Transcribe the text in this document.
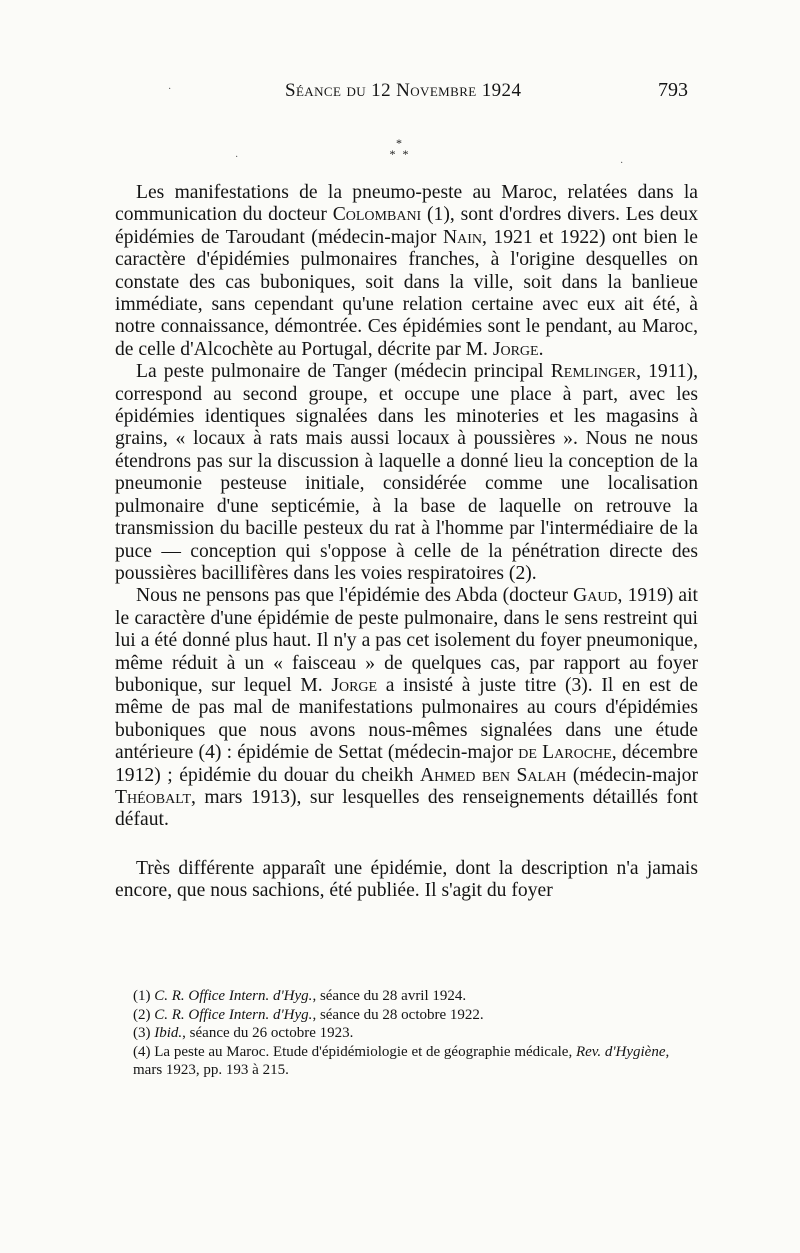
Séance du 12 Novembre 1924	793
·
·
·
*
* *

Les manifestations de la pneumo-peste au Maroc, relatées dans la communication du docteur Colombani (1), sont d'ordres divers. Les deux épidémies de Taroudant (médecin-major Nain, 1921 et 1922) ont bien le caractère d'épidémies pulmonaires franches, à l'origine desquelles on constate des cas buboniques, soit dans la ville, soit dans la banlieue immédiate, sans cependant qu'une relation certaine avec eux ait été, à notre connaissance, démontrée. Ces épidémies sont le pendant, au Maroc, de celle d'Alcochète au Portugal, décrite par M. Jorge.

La peste pulmonaire de Tanger (médecin principal Remlinger, 1911), correspond au second groupe, et occupe une place à part, avec les épidémies identiques signalées dans les minoteries et les magasins à grains, « locaux à rats mais aussi locaux à poussières ». Nous ne nous étendrons pas sur la discussion à laquelle a donné lieu la conception de la pneumonie pesteuse initiale, considérée comme une localisation pulmonaire d'une septicémie, à la base de laquelle on retrouve la transmission du bacille pesteux du rat à l'homme par l'intermédiaire de la puce — conception qui s'oppose à celle de la pénétration directe des poussières bacillifères dans les voies respiratoires (2).

Nous ne pensons pas que l'épidémie des Abda (docteur Gaud, 1919) ait le caractère d'une épidémie de peste pulmonaire, dans le sens restreint qui lui a été donné plus haut. Il n'y a pas cet isolement du foyer pneumonique, même réduit à un « faisceau » de quelques cas, par rapport au foyer bubonique, sur lequel M. Jorge a insisté à juste titre (3). Il en est de même de pas mal de manifestations pulmonaires au cours d'épidémies buboniques que nous avons nous-mêmes signalées dans une étude antérieure (4) : épidémie de Settat (médecin-major de Laroche, décembre 1912) ; épidémie du douar du cheikh Ahmed ben Salah (médecin-major Théobalt, mars 1913), sur lesquelles des renseignements détaillés font défaut.

Très différente apparaît une épidémie, dont la description n'a jamais encore, que nous sachions, été publiée. Il s'agit du foyer

(1) C. R. Office Intern. d'Hyg., séance du 28 avril 1924.

(2) C. R. Office Intern. d'Hyg., séance du 28 octobre 1922.

(3) Ibid., séance du 26 octobre 1923.

(4) La peste au Maroc. Etude d'épidémiologie et de géographie médicale, Rev. d'Hygiène, mars 1923, pp. 193 à 215.
